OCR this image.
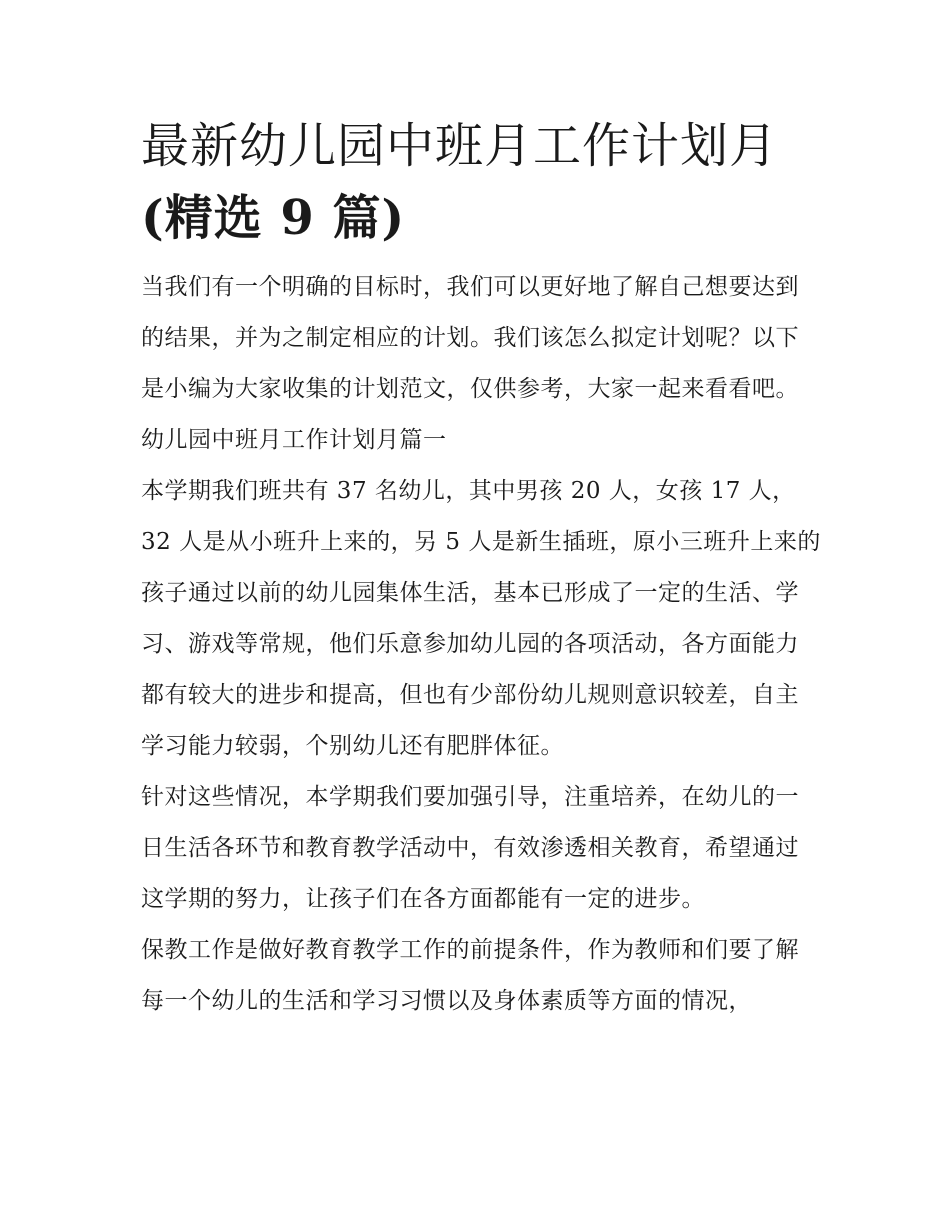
最新幼儿园中班月工作计划月
(精选 9 篇)

当我们有一个明确的目标时，我们可以更好地了解自己想要达到的结果，并为之制定相应的计划。我们该怎么拟定计划呢？以下是小编为大家收集的计划范文，仅供参考，大家一起来看看吧。

幼儿园中班月工作计划月篇一

本学期我们班共有 37 名幼儿，其中男孩 20 人，女孩 17 人，32 人是从小班升上来的，另 5 人是新生插班，原小三班升上来的孩子通过以前的幼儿园集体生活，基本已形成了一定的生活、学习、游戏等常规，他们乐意参加幼儿园的各项活动，各方面能力都有较大的进步和提高，但也有少部份幼儿规则意识较差，自主学习能力较弱，个别幼儿还有肥胖体征。

针对这些情况，本学期我们要加强引导，注重培养，在幼儿的一日生活各环节和教育教学活动中，有效渗透相关教育，希望通过这学期的努力，让孩子们在各方面都能有一定的进步。

保教工作是做好教育教学工作的前提条件，作为教师和们要了解每一个幼儿的生活和学习习惯以及身体素质等方面的情况，
